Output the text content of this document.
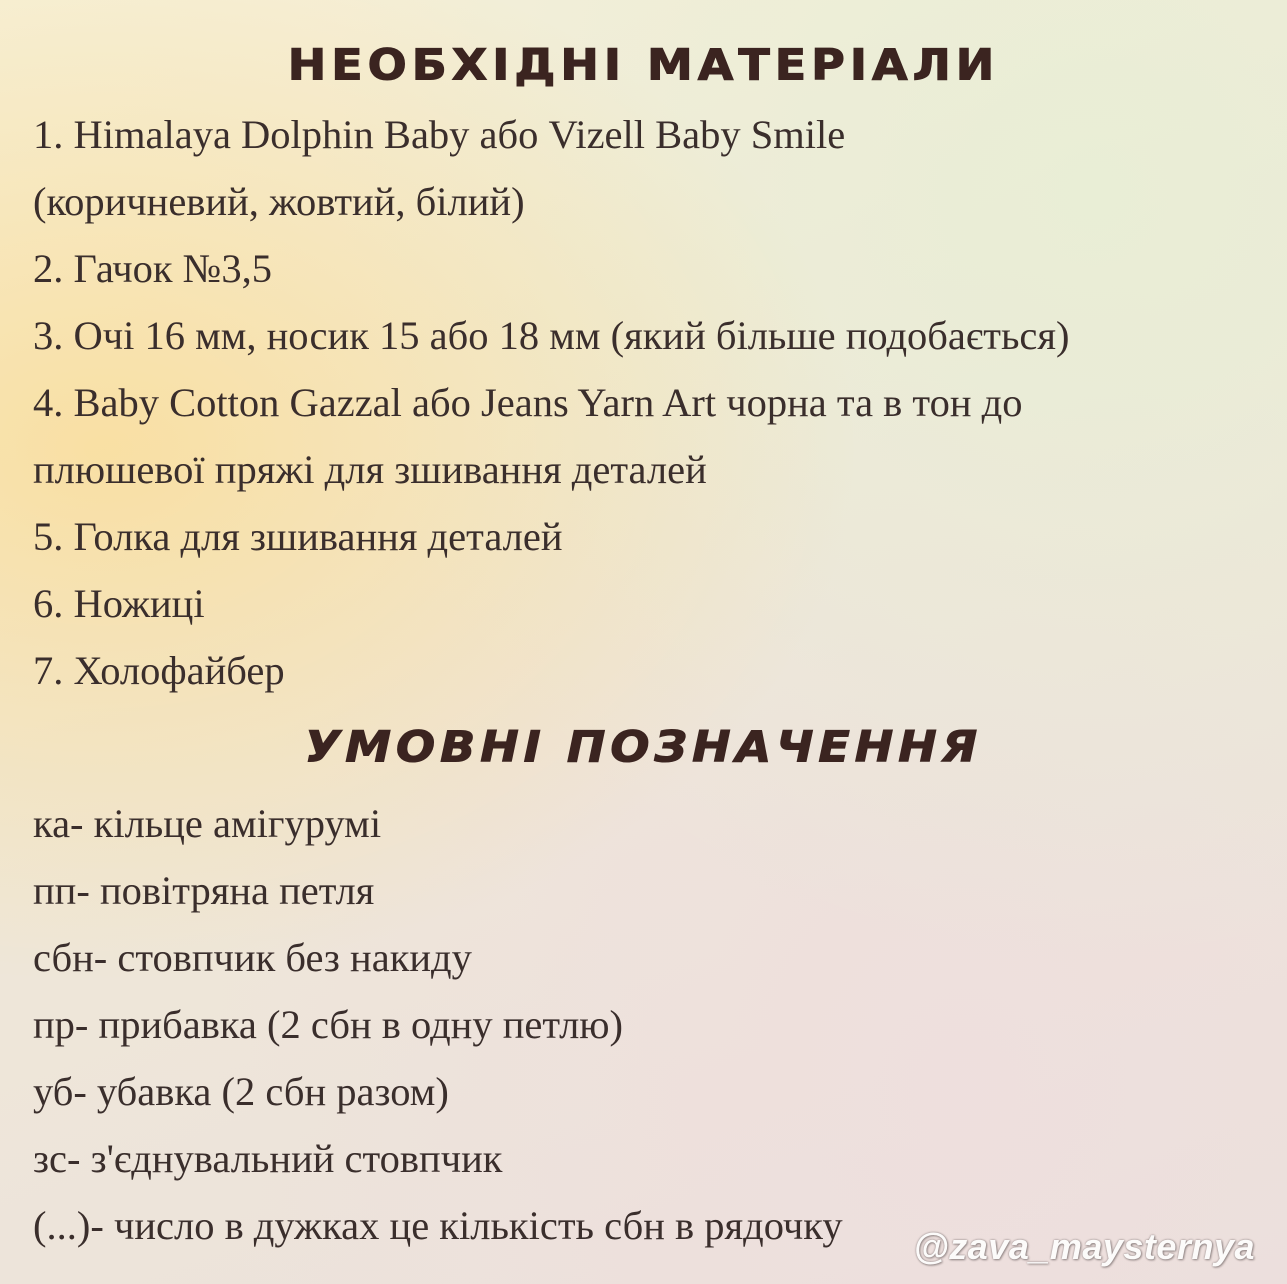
НЕОБХІДНІ МАТЕРІАЛИ
1. Himalaya Dolphin Baby або Vizell Baby Smile
(коричневий, жовтий, білий)
2. Гачок №3,5
3. Очі 16 мм, носик 15 або 18 мм (який більше подобається)
4. Baby Cotton Gazzal або Jeans Yarn Art чорна та в тон до
плюшевої пряжі для зшивання деталей
5. Голка для зшивання деталей
6. Ножиці
7. Холофайбер
УМОВНІ ПОЗНАЧЕННЯ
ка- кільце амігурумі
пп- повітряна петля
сбн- стовпчик без накиду
пр- прибавка (2 сбн в одну петлю)
уб- убавка (2 сбн разом)
зс- з'єднувальний стовпчик
(...)- число в дужках це кількість сбн в рядочку @zava_maysternya
